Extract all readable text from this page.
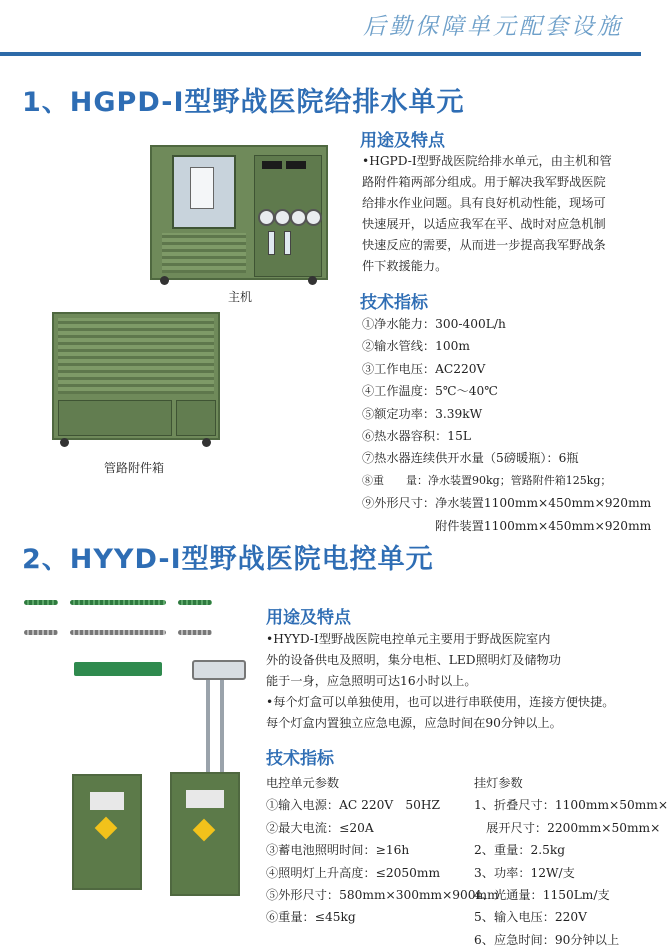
后勤保障单元配套设施
1、HGPD-I型野战医院给排水单元
主机
管路附件箱
用途及特点
•HGPD-I型野战医院给排水单元，由主机和管
路附件箱两部分组成。用于解决我军野战医院
给排水作业问题。具有良好机动性能，现场可
快速展开，以适应我军在平、战时对应急机制
快速反应的需要，从而进一步提高我军野战条
件下救援能力。
技术指标
①净水能力：300-400L/h
②输水管线：100m
③工作电压：AC220V
④工作温度：5℃～40℃
⑤额定功率：3.39kW
⑥热水器容积：15L
⑦热水器连续供开水量（5磅暖瓶）：6瓶
⑧重　　量：净水装置90kg；管路附件箱125kg；
⑨外形尺寸：净水装置1100mm×450mm×920mm
　　　　　　附件装置1100mm×450mm×920mm
2、HYYD-I型野战医院电控单元
用途及特点
•HYYD-I型野战医院电控单元主要用于野战医院室内
外的设备供电及照明，集分电柜、LED照明灯及储物功
能于一身，应急照明可达16小时以上。
•每个灯盒可以单独使用，也可以进行串联使用，连接方便快捷。
每个灯盒内置独立应急电源，应急时间在90分钟以上。
技术指标
电控单元参数
①输入电源：AC 220V　50HZ
②最大电流：≤20A
③蓄电池照明时间：≥16h
④照明灯上升高度：≤2050mm
⑤外形尺寸：580mm×300mm×900mm
⑥重量：≤45kg
挂灯参数
1、折叠尺寸：1100mm×50mm×
　展开尺寸：2200mm×50mm×
2、重量：2.5kg
3、功率：12W/支
4、光通量：1150Lm/支
5、输入电压：220V
6、应急时间：90分钟以上
